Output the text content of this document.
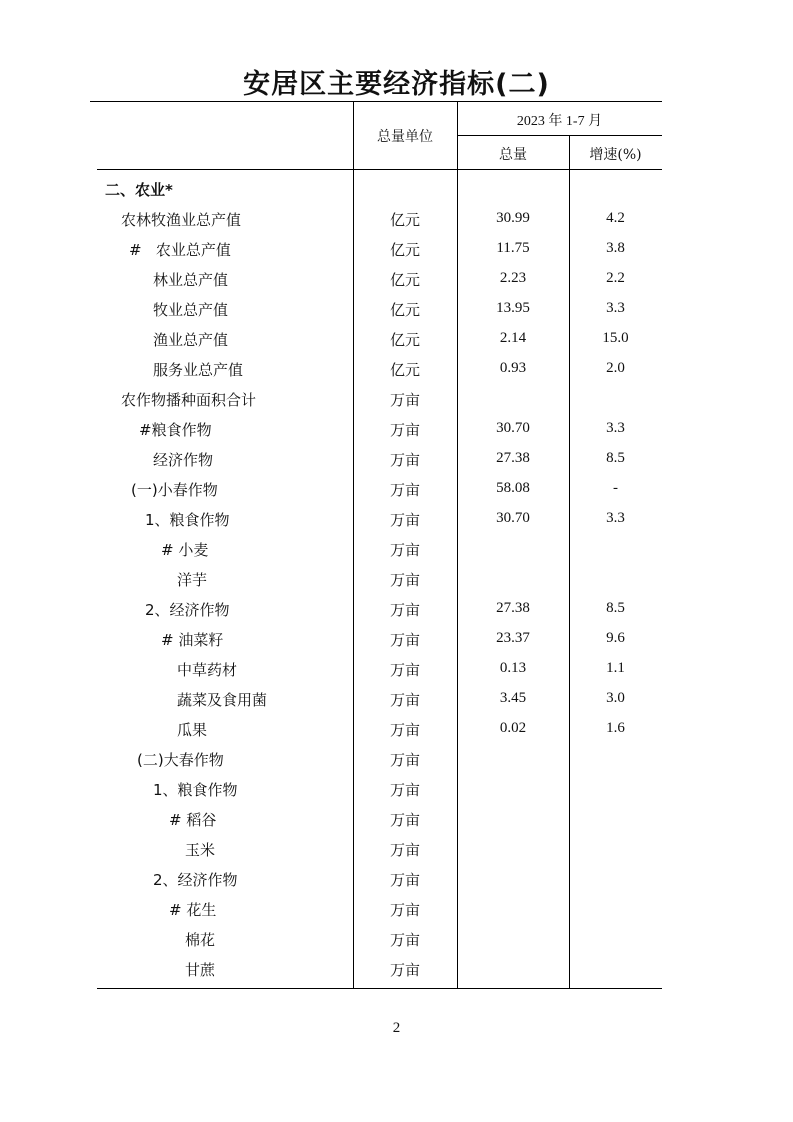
安居区主要经济指标(二)
总量单位
2023 年 1-7 月
总量	增速(%)
二、农业*
农林牧渔业总产值	亿元	30.99	4.2
#   农业总产值	亿元	11.75	3.8
林业总产值	亿元	2.23	2.2
牧业总产值	亿元	13.95	3.3
渔业总产值	亿元	2.14	15.0
服务业总产值	亿元	0.93	2.0
农作物播种面积合计	万亩
#粮食作物	万亩	30.70	3.3
经济作物	万亩	27.38	8.5
(一)小春作物	万亩	58.08	-
1、粮食作物	万亩	30.70	3.3
# 小麦	万亩
洋芋	万亩
2、经济作物	万亩	27.38	8.5
# 油菜籽	万亩	23.37	9.6
中草药材	万亩	0.13	1.1
蔬菜及食用菌	万亩	3.45	3.0
瓜果	万亩	0.02	1.6
(二)大春作物	万亩
1、粮食作物	万亩
# 稻谷	万亩
玉米	万亩
2、经济作物	万亩
# 花生	万亩
棉花	万亩
甘蔗	万亩
2
